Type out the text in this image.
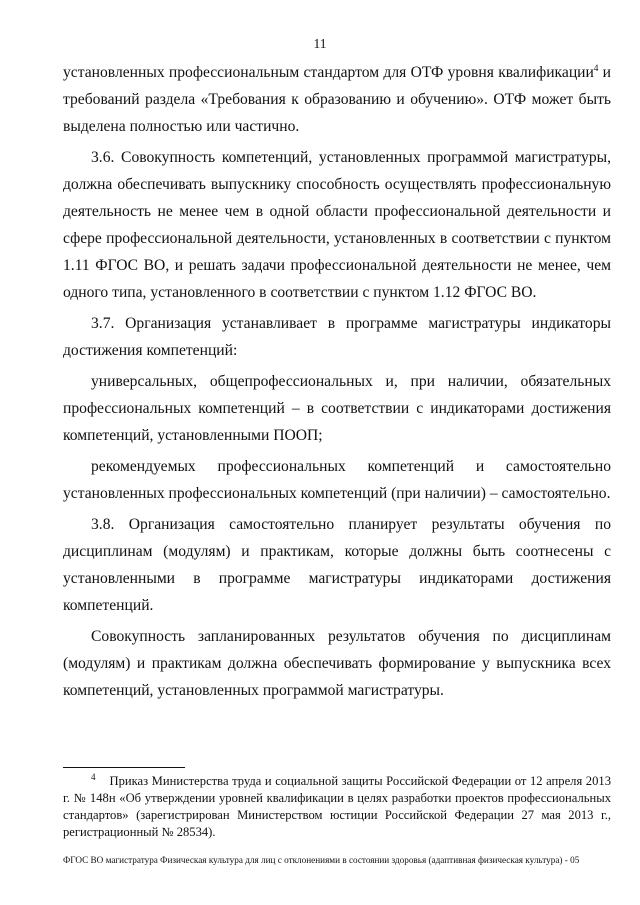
11

установленных профессиональным стандартом для ОТФ уровня квалификации$^4$ и требований раздела «Требования к образованию и обучению». ОТФ может быть выделена полностью или частично.

3.6. Совокупность компетенций, установленных программой магистратуры, должна обеспечивать выпускнику способность осуществлять профессиональную деятельность не менее чем в одной области профессиональной деятельности и сфере профессиональной деятельности, установленных в соответствии с пунктом 1.11 ФГОС ВО, и решать задачи профессиональной деятельности не менее, чем одного типа, установленного в соответствии с пунктом 1.12 ФГОС ВО.

3.7. Организация устанавливает в программе магистратуры индикаторы достижения компетенций:

универсальных, общепрофессиональных и, при наличии, обязательных профессиональных компетенций – в соответствии с индикаторами достижения компетенций, установленными ПООП;

рекомендуемых профессиональных компетенций и самостоятельно установленных профессиональных компетенций (при наличии) – самостоятельно.

3.8. Организация самостоятельно планирует результаты обучения по дисциплинам (модулям) и практикам, которые должны быть соотнесены с установленными в программе магистратуры индикаторами достижения компетенций.

Совокупность запланированных результатов обучения по дисциплинам (модулям) и практикам должна обеспечивать формирование у выпускника всех компетенций, установленных программой магистратуры.

4 Приказ Министерства труда и социальной защиты Российской Федерации от 12 апреля 2013 г. № 148н «Об утверждении уровней квалификации в целях разработки проектов профессиональных стандартов» (зарегистрирован Министерством юстиции Российской Федерации 27 мая 2013 г., регистрационный № 28534).
ФГОС ВО магистратура Физическая культура для лиц с отклонениями в состоянии здоровья (адаптивная физическая культура) - 05
